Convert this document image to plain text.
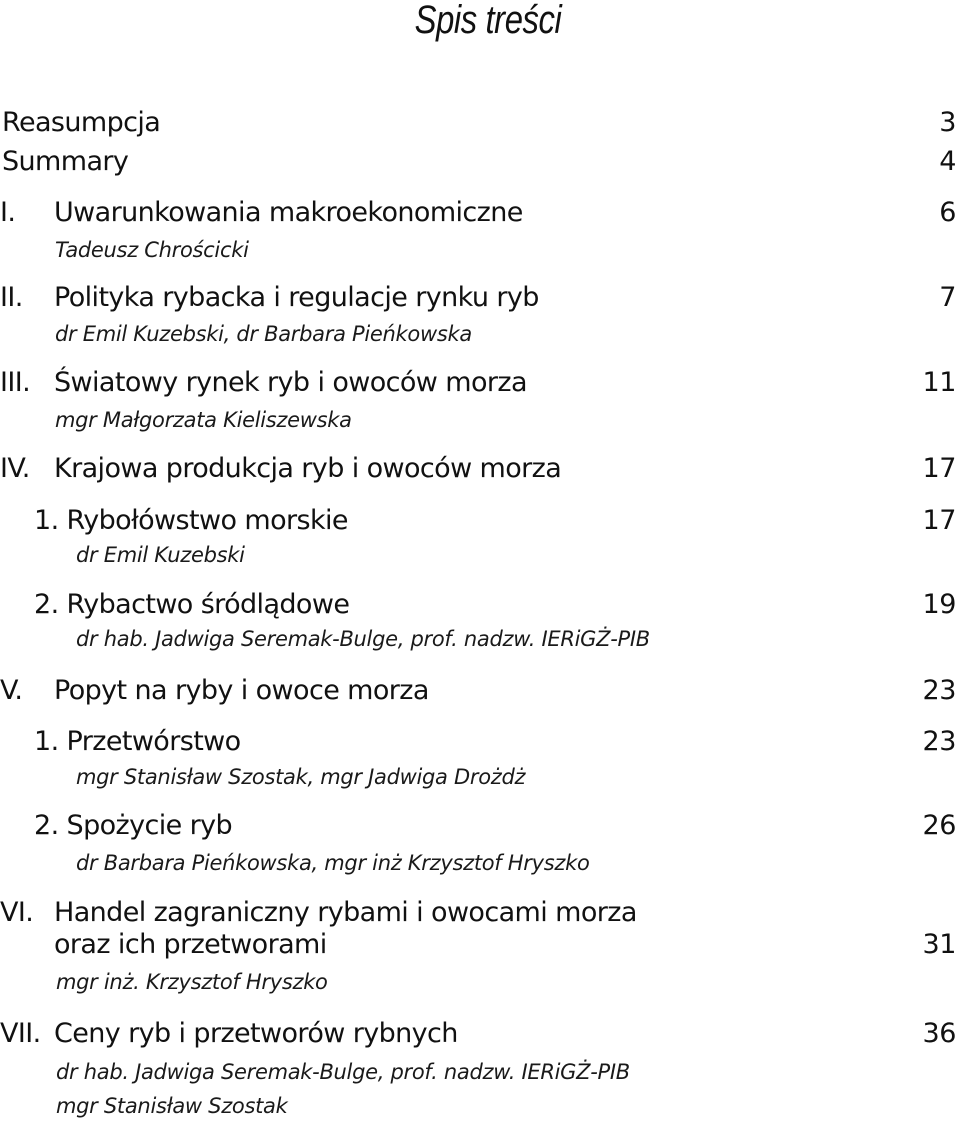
Spis treści
Reasumpcja	3
Summary	4
I. Uwarunkowania makroekonomiczne	6
Tadeusz Chrościcki
II. Polityka rybacka i regulacje rynku ryb	7
dr Emil Kuzebski, dr Barbara Pieńkowska
III. Światowy rynek ryb i owoców morza	11
mgr Małgorzata Kieliszewska
IV. Krajowa produkcja ryb i owoców morza	17
1. Rybołówstwo morskie	17
dr Emil Kuzebski
2. Rybactwo śródlądowe	19
dr hab. Jadwiga Seremak-Bulge, prof. nadzw. IERiGŻ-PIB
V. Popyt na ryby i owoce morza	23
1. Przetwórstwo	23
mgr Stanisław Szostak, mgr Jadwiga Drożdż
2. Spożycie ryb	26
dr Barbara Pieńkowska, mgr inż Krzysztof Hryszko
VI. Handel zagraniczny rybami i owocami morza
oraz ich przetworami	31
mgr inż. Krzysztof Hryszko
VII. Ceny ryb i przetworów rybnych	36
dr hab. Jadwiga Seremak-Bulge, prof. nadzw. IERiGŻ-PIB
mgr Stanisław Szostak
